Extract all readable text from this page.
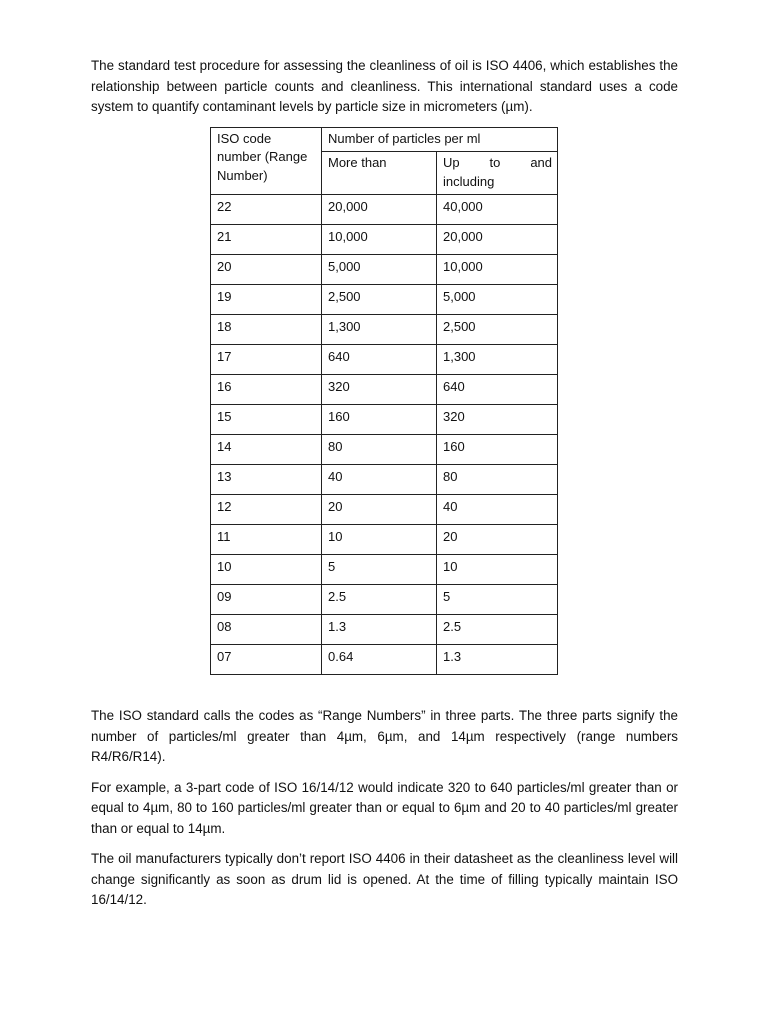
The standard test procedure for assessing the cleanliness of oil is ISO 4406, which establishes the relationship between particle counts and cleanliness. This international standard uses a code system to quantify contaminant levels by particle size in micrometers (µm).

ISO code number (Range Number)	Number of particles per ml	
	More than	Up to and including
22	20,000	40,000
21	10,000	20,000
20	5,000	10,000
19	2,500	5,000
18	1,300	2,500
17	640	1,300
16	320	640
15	160	320
14	80	160
13	40	80
12	20	40
11	10	20
10	5	10
09	2.5	5
08	1.3	2.5
07	0.64	1.3

The ISO standard calls the codes as “Range Numbers” in three parts. The three parts signify the number of particles/ml greater than 4µm, 6µm, and 14µm respectively (range numbers R4/R6/R14).

For example, a 3-part code of ISO 16/14/12 would indicate 320 to 640 particles/ml greater than or equal to 4µm, 80 to 160 particles/ml greater than or equal to 6µm and 20 to 40 particles/ml greater than or equal to 14µm.

The oil manufacturers typically don’t report ISO 4406 in their datasheet as the cleanliness level will change significantly as soon as drum lid is opened. At the time of filling typically maintain ISO 16/14/12.
